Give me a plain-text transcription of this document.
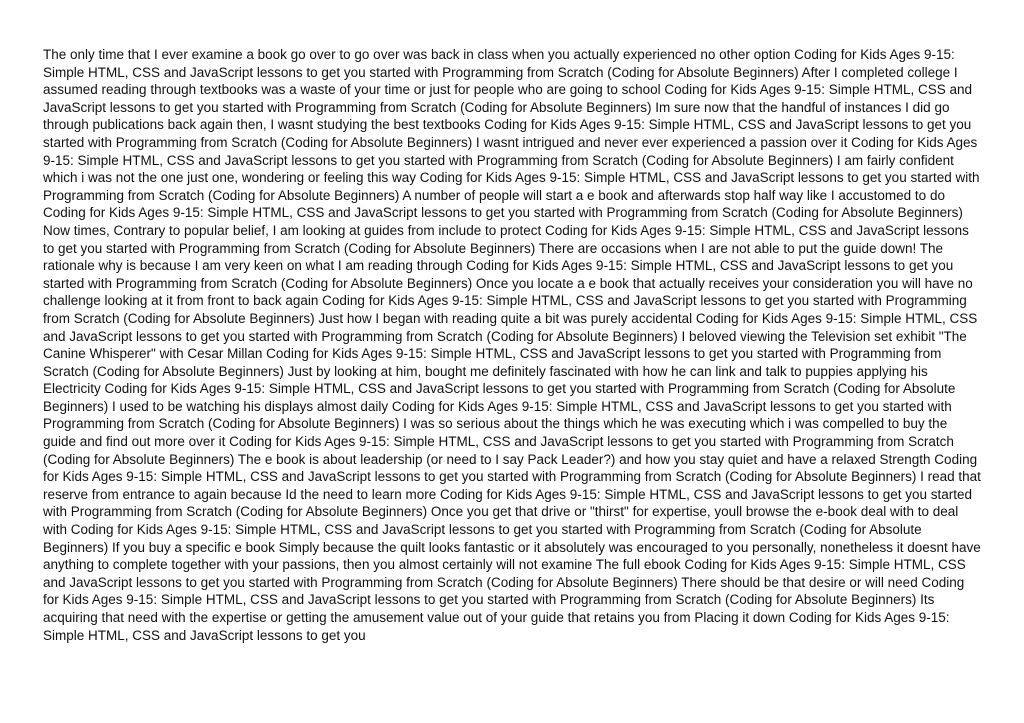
The only time that I ever examine a book go over to go over was back in class when you actually experienced no other option Coding for Kids Ages 9-15: Simple HTML, CSS and JavaScript lessons to get you started with Programming from Scratch (Coding for Absolute Beginners) After I completed college I assumed reading through textbooks was a waste of your time or just for people who are going to school Coding for Kids Ages 9-15: Simple HTML, CSS and JavaScript lessons to get you started with Programming from Scratch (Coding for Absolute Beginners) Im sure now that the handful of instances I did go through publications back again then, I wasnt studying the best textbooks Coding for Kids Ages 9-15: Simple HTML, CSS and JavaScript lessons to get you started with Programming from Scratch (Coding for Absolute Beginners) I wasnt intrigued and never ever experienced a passion over it Coding for Kids Ages 9-15: Simple HTML, CSS and JavaScript lessons to get you started with Programming from Scratch (Coding for Absolute Beginners) I am fairly confident which i was not the one just one, wondering or feeling this way Coding for Kids Ages 9-15: Simple HTML, CSS and JavaScript lessons to get you started with Programming from Scratch (Coding for Absolute Beginners) A number of people will start a e book and afterwards stop half way like I accustomed to do Coding for Kids Ages 9-15: Simple HTML, CSS and JavaScript lessons to get you started with Programming from Scratch (Coding for Absolute Beginners) Now times, Contrary to popular belief, I am looking at guides from include to protect Coding for Kids Ages 9-15: Simple HTML, CSS and JavaScript lessons to get you started with Programming from Scratch (Coding for Absolute Beginners) There are occasions when I are not able to put the guide down! The rationale why is because I am very keen on what I am reading through Coding for Kids Ages 9-15: Simple HTML, CSS and JavaScript lessons to get you started with Programming from Scratch (Coding for Absolute Beginners) Once you locate a e book that actually receives your consideration you will have no challenge looking at it from front to back again Coding for Kids Ages 9-15: Simple HTML, CSS and JavaScript lessons to get you started with Programming from Scratch (Coding for Absolute Beginners) Just how I began with reading quite a bit was purely accidental Coding for Kids Ages 9-15: Simple HTML, CSS and JavaScript lessons to get you started with Programming from Scratch (Coding for Absolute Beginners) I beloved viewing the Television set exhibit "The Canine Whisperer" with Cesar Millan Coding for Kids Ages 9-15: Simple HTML, CSS and JavaScript lessons to get you started with Programming from Scratch (Coding for Absolute Beginners) Just by looking at him, bought me definitely fascinated with how he can link and talk to puppies applying his Electricity Coding for Kids Ages 9-15: Simple HTML, CSS and JavaScript lessons to get you started with Programming from Scratch (Coding for Absolute Beginners) I used to be watching his displays almost daily Coding for Kids Ages 9-15: Simple HTML, CSS and JavaScript lessons to get you started with Programming from Scratch (Coding for Absolute Beginners) I was so serious about the things which he was executing which i was compelled to buy the guide and find out more over it Coding for Kids Ages 9-15: Simple HTML, CSS and JavaScript lessons to get you started with Programming from Scratch (Coding for Absolute Beginners) The e book is about leadership (or need to I say Pack Leader?) and how you stay quiet and have a relaxed Strength Coding for Kids Ages 9-15: Simple HTML, CSS and JavaScript lessons to get you started with Programming from Scratch (Coding for Absolute Beginners) I read that reserve from entrance to again because Id the need to learn more Coding for Kids Ages 9-15: Simple HTML, CSS and JavaScript lessons to get you started with Programming from Scratch (Coding for Absolute Beginners) Once you get that drive or "thirst" for expertise, youll browse the e-book deal with to deal with Coding for Kids Ages 9-15: Simple HTML, CSS and JavaScript lessons to get you started with Programming from Scratch (Coding for Absolute Beginners) If you buy a specific e book Simply because the quilt looks fantastic or it absolutely was encouraged to you personally, nonetheless it doesnt have anything to complete together with your passions, then you almost certainly will not examine The full ebook Coding for Kids Ages 9-15: Simple HTML, CSS and JavaScript lessons to get you started with Programming from Scratch (Coding for Absolute Beginners) There should be that desire or will need Coding for Kids Ages 9-15: Simple HTML, CSS and JavaScript lessons to get you started with Programming from Scratch (Coding for Absolute Beginners) Its acquiring that need with the expertise or getting the amusement value out of your guide that retains you from Placing it down Coding for Kids Ages 9-15: Simple HTML, CSS and JavaScript lessons to get you
